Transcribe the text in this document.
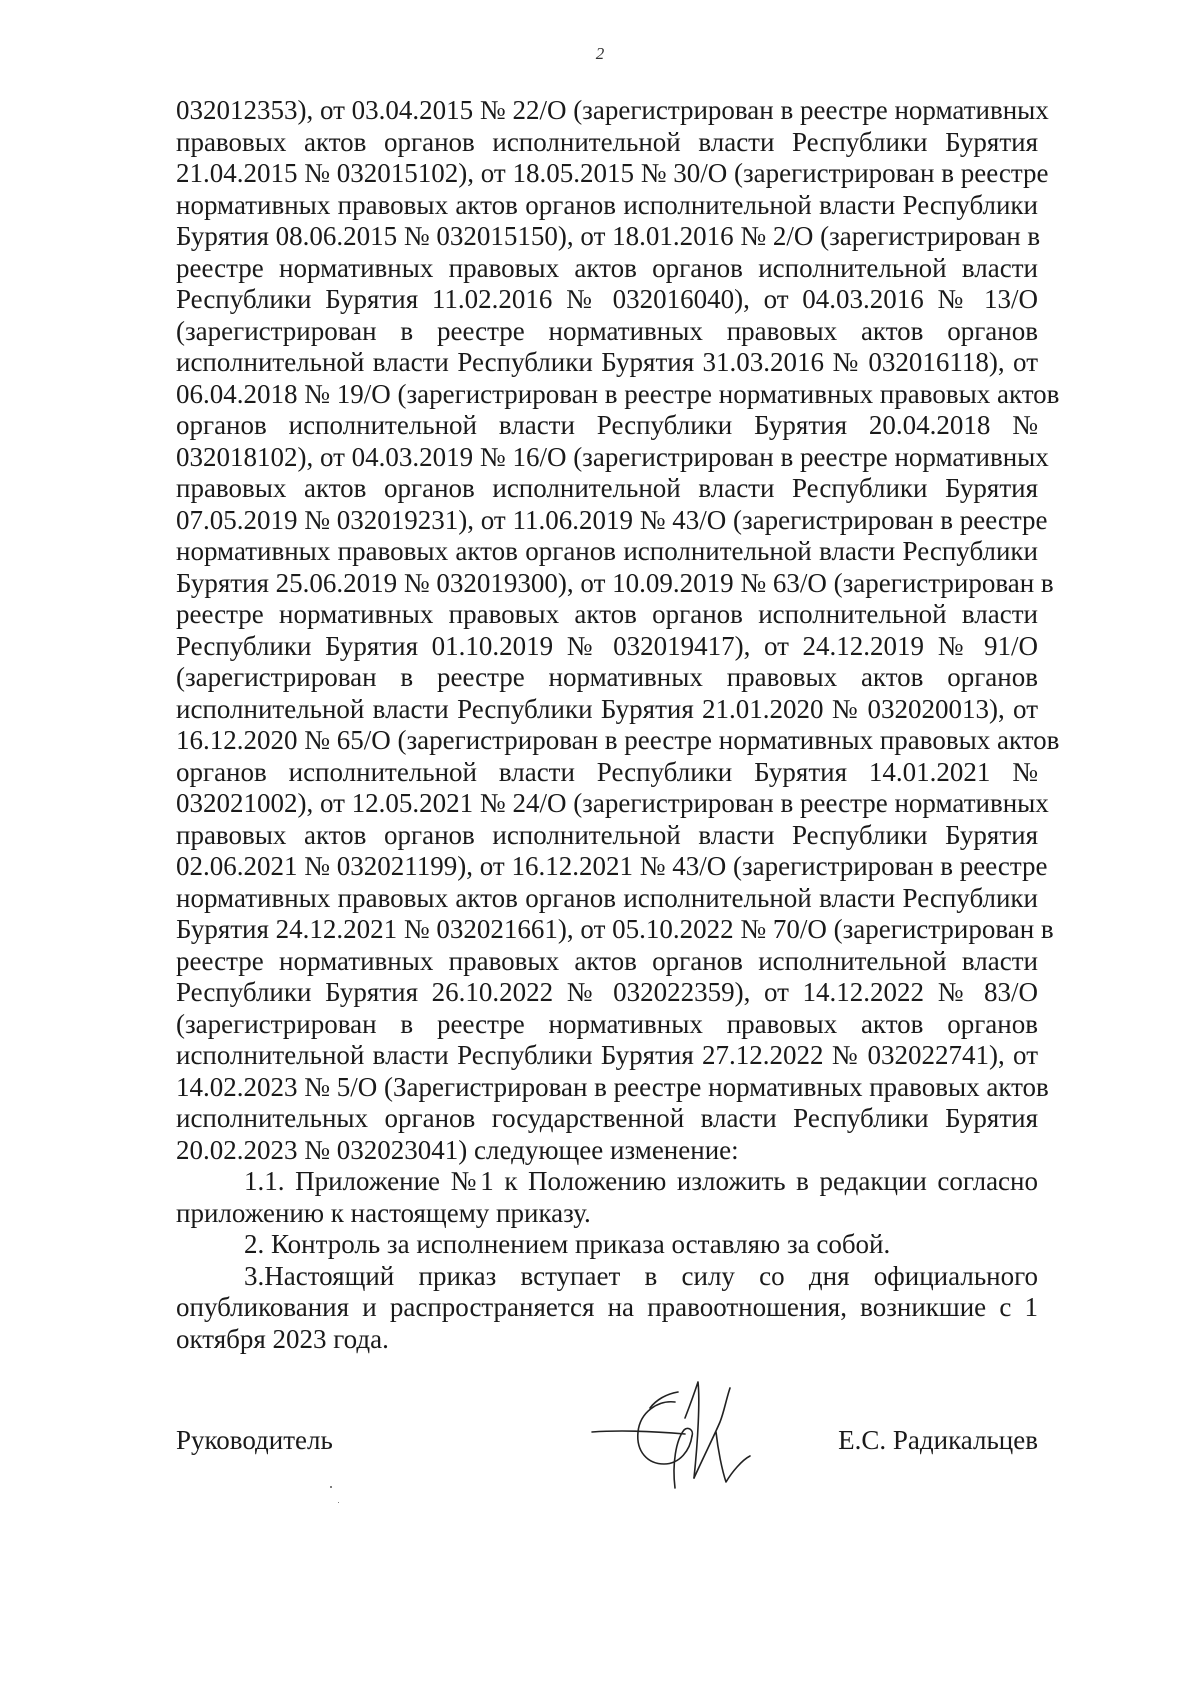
2
032012353), от 03.04.2015 № 22/О (зарегистрирован в реестре нормативных
правовых актов органов исполнительной власти Республики Бурятия
21.04.2015 № 032015102), от 18.05.2015 № 30/О (зарегистрирован в реестре
нормативных правовых актов органов исполнительной власти Республики
Бурятия 08.06.2015 № 032015150), от 18.01.2016 № 2/О (зарегистрирован в
реестре нормативных правовых актов органов исполнительной власти
Республики Бурятия 11.02.2016 № 032016040), от 04.03.2016 № 13/О
(зарегистрирован в реестре нормативных правовых актов органов
исполнительной власти Республики Бурятия 31.03.2016 № 032016118), от
06.04.2018 № 19/О (зарегистрирован в реестре нормативных правовых актов
органов исполнительной власти Республики Бурятия 20.04.2018 №
032018102), от 04.03.2019 № 16/О (зарегистрирован в реестре нормативных
правовых актов органов исполнительной власти Республики Бурятия
07.05.2019 № 032019231), от 11.06.2019 № 43/О (зарегистрирован в реестре
нормативных правовых актов органов исполнительной власти Республики
Бурятия 25.06.2019 № 032019300), от 10.09.2019 № 63/О (зарегистрирован в
реестре нормативных правовых актов органов исполнительной власти
Республики Бурятия 01.10.2019 № 032019417), от 24.12.2019 № 91/О
(зарегистрирован в реестре нормативных правовых актов органов
исполнительной власти Республики Бурятия 21.01.2020 № 032020013), от
16.12.2020 № 65/О (зарегистрирован в реестре нормативных правовых актов
органов исполнительной власти Республики Бурятия 14.01.2021 №
032021002), от 12.05.2021 № 24/О (зарегистрирован в реестре нормативных
правовых актов органов исполнительной власти Республики Бурятия
02.06.2021 № 032021199), от 16.12.2021 № 43/О (зарегистрирован в реестре
нормативных правовых актов органов исполнительной власти Республики
Бурятия 24.12.2021 № 032021661), от 05.10.2022 № 70/О (зарегистрирован в
реестре нормативных правовых актов органов исполнительной власти
Республики Бурятия 26.10.2022 № 032022359), от 14.12.2022 № 83/О
(зарегистрирован в реестре нормативных правовых актов органов
исполнительной власти Республики Бурятия 27.12.2022 № 032022741), от
14.02.2023 № 5/О (Зарегистрирован в реестре нормативных правовых актов
исполнительных органов государственной власти Республики Бурятия
20.02.2023 № 032023041) следующее изменение:

1.1. Приложение №1 к Положению изложить в редакции согласно приложению к настоящему приказу.

2. Контроль за исполнением приказа оставляю за собой.

3.Настоящий приказ вступает в силу со дня официального опубликования и распространяется на правоотношения, возникшие с 1 октября 2023 года.

Руководитель	Е.С. Радикальцев
